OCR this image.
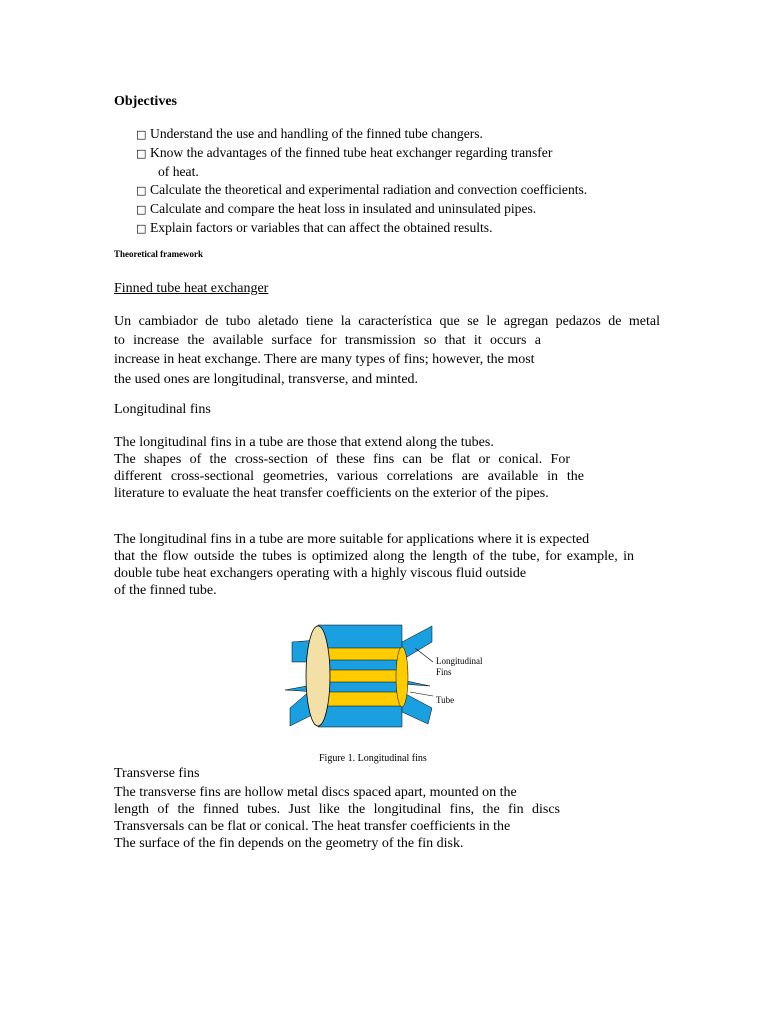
Objectives
□ Understand the use and handling of the finned tube changers.
□ Know the advantages of the finned tube heat exchanger regarding transfer
of heat.
□ Calculate the theoretical and experimental radiation and convection coefficients.
□ Calculate and compare the heat loss in insulated and uninsulated pipes.
□ Explain factors or variables that can affect the obtained results.
Theoretical framework
Finned tube heat exchanger
Un cambiador de tubo aletado tiene la característica que se le agregan pedazos de metal
to increase the available surface for transmission so that it occurs a
increase in heat exchange. There are many types of fins; however, the most
the used ones are longitudinal, transverse, and minted.
Longitudinal fins
The longitudinal fins in a tube are those that extend along the tubes.
The shapes of the cross-section of these fins can be flat or conical. For
different cross-sectional geometries, various correlations are available in the
literature to evaluate the heat transfer coefficients on the exterior of the pipes.
The longitudinal fins in a tube are more suitable for applications where it is expected
that the flow outside the tubes is optimized along the length of the tube, for example, in
double tube heat exchangers operating with a highly viscous fluid outside
of the finned tube.
Longitudinal
Fins
Tube
Figure 1. Longitudinal fins
Transverse fins
The transverse fins are hollow metal discs spaced apart, mounted on the
length of the finned tubes. Just like the longitudinal fins, the fin discs
Transversals can be flat or conical. The heat transfer coefficients in the
The surface of the fin depends on the geometry of the fin disk.
